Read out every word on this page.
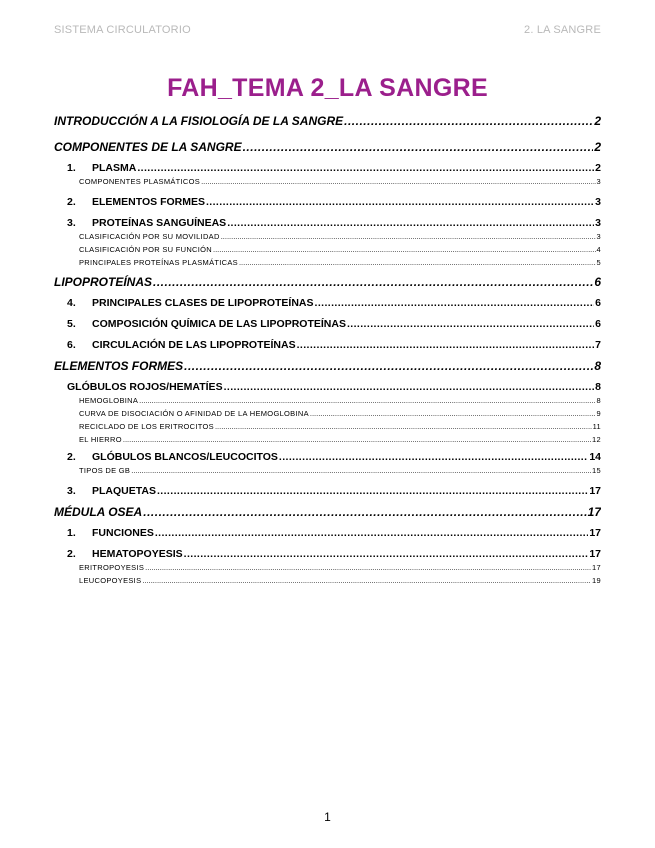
SISTEMA CIRCULATORIO	2. LA SANGRE
FAH_TEMA 2_LA SANGRE
INTRODUCCIÓN A LA FISIOLOGÍA DE LA SANGRE .....	2
COMPONENTES DE LA SANGRE .....	2
1.	PLASMA .....	2
COMPONENTES PLASMÁTICOS .....	3
2.	ELEMENTOS FORMES .....	3
3.	PROTEÍNAS SANGUÍNEAS .....	3
CLASIFICACIÓN POR SU MOVILIDAD .....	3
CLASIFICACIÓN POR SU FUNCIÓN .....	4
PRINCIPALES PROTEÍNAS PLASMÁTICAS .....	5
LIPOPROTEÍNAS .....	6
4.	PRINCIPALES CLASES DE LIPOPROTEÍNAS .....	6
5.	COMPOSICIÓN QUÍMICA DE LAS LIPOPROTEÍNAS .....	6
6.	CIRCULACIÓN DE LAS LIPOPROTEÍNAS .....	7
ELEMENTOS FORMES .....	8
GLÓBULOS ROJOS/HEMATÍES .....	8
HEMOGLOBINA .....	8
CURVA DE DISOCIACIÓN O AFINIDAD DE LA HEMOGLOBINA .....	9
RECICLADO DE LOS ERITROCITOS .....	11
EL HIERRO .....	12
2.	GLÓBULOS BLANCOS/LEUCOCITOS .....	14
TIPOS DE GB .....	15
3.	PLAQUETAS .....	17
MÉDULA OSEA .....	17
1.	FUNCIONES .....	17
2.	HEMATOPOYESIS .....	17
ERITROPOYESIS .....	17
LEUCOPOYESIS .....	19
1
